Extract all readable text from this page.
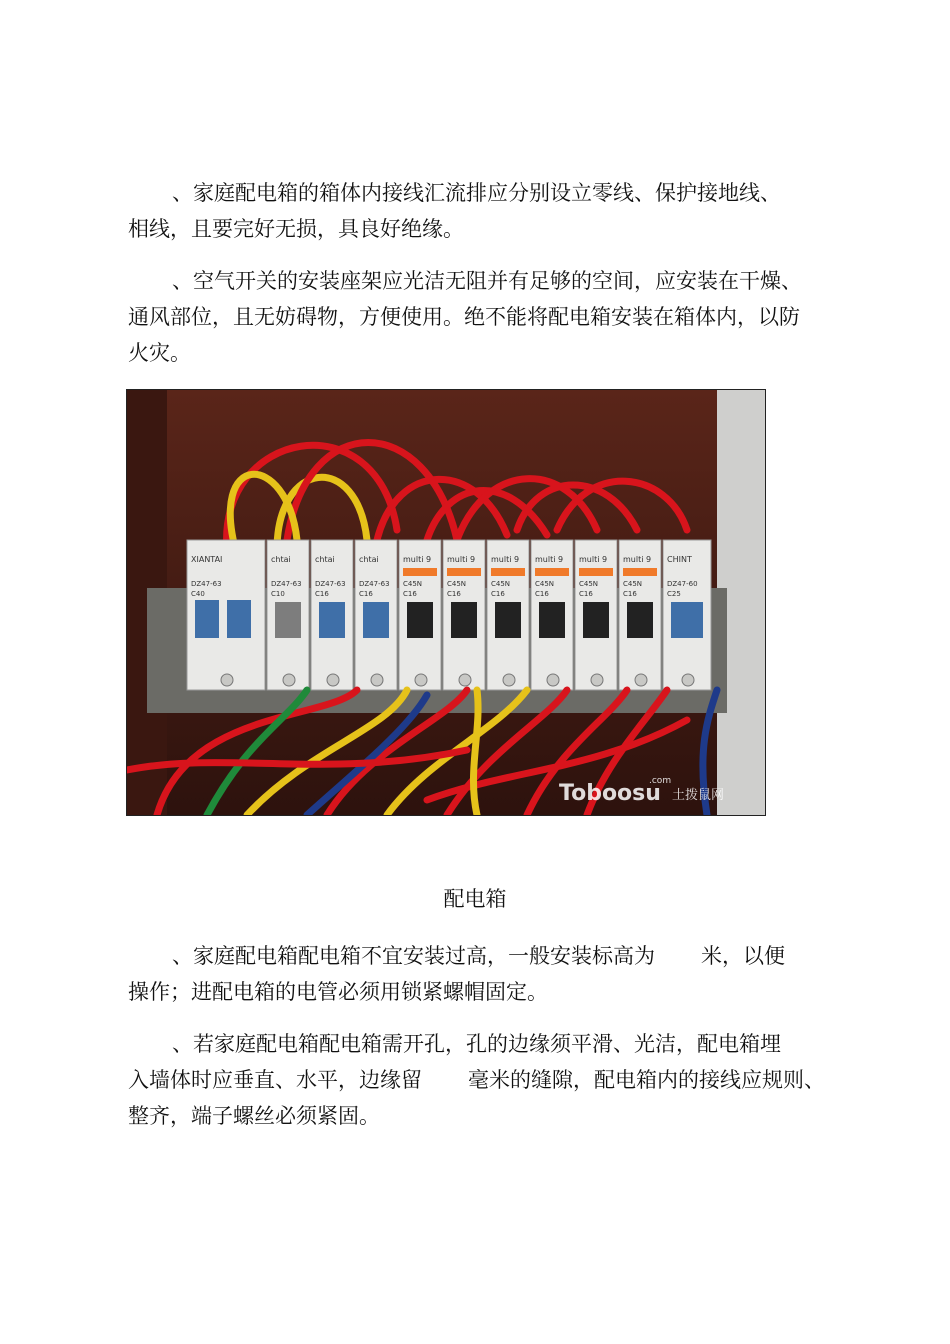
、家庭配电箱的箱体内接线汇流排应分别设立零线、保护接地线、
相线，且要完好无损，具良好绝缘。

、空气开关的安装座架应光洁无阻并有足够的空间，应安装在干燥、
通风部位，且无妨碍物，方便使用。绝不能将配电箱安装在箱体内，以防
火灾。

XIANTAI
DZ47-63
C40
chtai
DZ47-63
C10
chtai
DZ47-63
C16
chtai
DZ47-63
C16
multi 9
C45N
C16
multi 9
C45N
C16
multi 9
C45N
C16
multi 9
C45N
C16
multi 9
C45N
C16
multi 9
C45N
C16
CHINT
DZ47-60
C25
Toboosu
.com
土拨鼠网
配电箱

、家庭配电箱配电箱不宜安装过高，一般安装标高为 米，以便
操作；进配电箱的电管必须用锁紧螺帽固定。

、若家庭配电箱配电箱需开孔，孔的边缘须平滑、光洁，配电箱埋
入墙体时应垂直、水平，边缘留 毫米的缝隙，配电箱内的接线应规则、
整齐，端子螺丝必须紧固。
